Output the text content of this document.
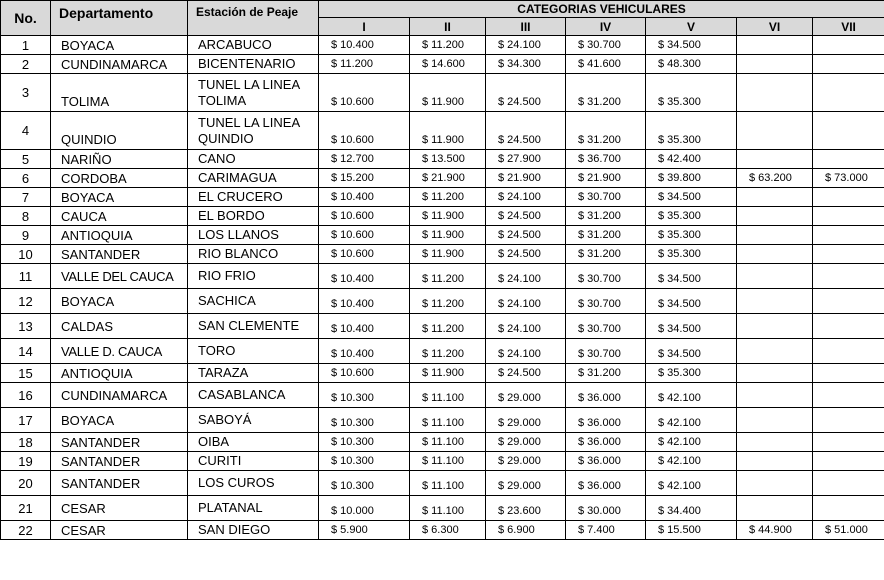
No.	Departamento	Estación de Peaje	CATEGORIAS VEHICULARES						
			I	II	III	IV	V	VI	VII
1	BOYACA	ARCABUCO	$ 10.400	$ 11.200	$ 24.100	$ 30.700	$ 34.500		
2	CUNDINAMARCA	BICENTENARIO	$ 11.200	$ 14.600	$ 34.300	$ 41.600	$ 48.300		
3	TOLIMA	TUNEL LA LINEA TOLIMA	$ 10.600	$ 11.900	$ 24.500	$ 31.200	$ 35.300		
4	QUINDIO	TUNEL LA LINEA QUINDIO	$ 10.600	$ 11.900	$ 24.500	$ 31.200	$ 35.300		
5	NARIÑO	CANO	$ 12.700	$ 13.500	$ 27.900	$ 36.700	$ 42.400		
6	CORDOBA	CARIMAGUA	$ 15.200	$ 21.900	$ 21.900	$ 21.900	$ 39.800	$ 63.200	$ 73.000
7	BOYACA	EL CRUCERO	$ 10.400	$ 11.200	$ 24.100	$ 30.700	$ 34.500		
8	CAUCA	EL BORDO	$ 10.600	$ 11.900	$ 24.500	$ 31.200	$ 35.300		
9	ANTIOQUIA	LOS LLANOS	$ 10.600	$ 11.900	$ 24.500	$ 31.200	$ 35.300		
10	SANTANDER	RIO BLANCO	$ 10.600	$ 11.900	$ 24.500	$ 31.200	$ 35.300		
11	VALLE DEL CAUCA	RIO FRIO	$ 10.400	$ 11.200	$ 24.100	$ 30.700	$ 34.500		
12	BOYACA	SACHICA	$ 10.400	$ 11.200	$ 24.100	$ 30.700	$ 34.500		
13	CALDAS	SAN CLEMENTE	$ 10.400	$ 11.200	$ 24.100	$ 30.700	$ 34.500		
14	VALLE D. CAUCA	TORO	$ 10.400	$ 11.200	$ 24.100	$ 30.700	$ 34.500		
15	ANTIOQUIA	TARAZA	$ 10.600	$ 11.900	$ 24.500	$ 31.200	$ 35.300		
16	CUNDINAMARCA	CASABLANCA	$ 10.300	$ 11.100	$ 29.000	$ 36.000	$ 42.100		
17	BOYACA	SABOYÁ	$ 10.300	$ 11.100	$ 29.000	$ 36.000	$ 42.100		
18	SANTANDER	OIBA	$ 10.300	$ 11.100	$ 29.000	$ 36.000	$ 42.100		
19	SANTANDER	CURITI	$ 10.300	$ 11.100	$ 29.000	$ 36.000	$ 42.100		
20	SANTANDER	LOS CUROS	$ 10.300	$ 11.100	$ 29.000	$ 36.000	$ 42.100		
21	CESAR	PLATANAL	$ 10.000	$ 11.100	$ 23.600	$ 30.000	$ 34.400		
22	CESAR	SAN DIEGO	$ 5.900	$ 6.300	$ 6.900	$ 7.400	$ 15.500	$ 44.900	$ 51.000
